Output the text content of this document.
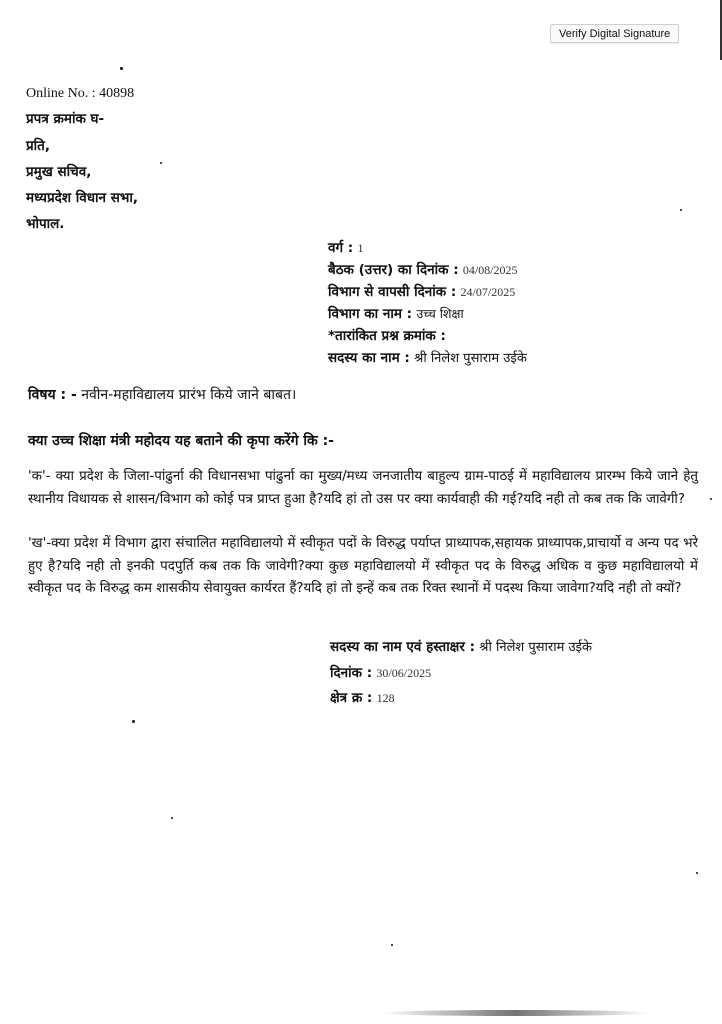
Verify Digital Signature
Online No. : 40898
प्रपत्र क्रमांक घ-
प्रति,
प्रमुख सचिव,
मध्यप्रदेश विधान सभा,
भोपाल.
वर्ग : 1
बैठक (उत्तर) का दिनांक : 04/08/2025
विभाग से वापसी दिनांक : 24/07/2025
विभाग का नाम : उच्च शिक्षा
*तारांकित प्रश्न क्रमांक :
सदस्य का नाम : श्री निलेश पुसाराम उईके
विषय : - नवीन-महाविद्यालय प्रारंभ किये जाने बाबत।
क्या उच्च शिक्षा मंत्री महोदय यह बताने की कृपा करेंगे कि :-
'क'- क्या प्रदेश के जिला-पांढुर्ना की विधानसभा पांढुर्ना का मुख्य/मध्य जनजातीय बाहुल्य ग्राम-पाठई में महाविद्यालय प्रारम्भ किये जाने हेतु स्थानीय विधायक से शासन/विभाग को कोई पत्र प्राप्त हुआ है?यदि हां तो उस पर क्या कार्यवाही की गई?यदि नही तो कब तक कि जावेगी?
'ख'-क्या प्रदेश में विभाग द्वारा संचालित महाविद्यालयो में स्वीकृत पदों के विरुद्ध पर्याप्त प्राध्यापक,सहायक प्राध्यापक,प्राचार्यो व अन्य पद भरे हुए है?यदि नही तो इनकी पदपुर्ति कब तक कि जावेगी?क्या कुछ महाविद्यालयो में स्वीकृत पद के विरुद्ध अधिक व कुछ महाविद्यालयो में स्वीकृत पद के विरुद्ध कम शासकीय सेवायुक्त कार्यरत हैं?यदि हां तो इन्हें कब तक रिक्त स्थानों में पदस्थ किया जावेगा?यदि नही तो क्यों?
सदस्य का नाम एवं हस्ताक्षर : श्री निलेश पुसाराम उईके
दिनांक : 30/06/2025
क्षेत्र क्र : 128
